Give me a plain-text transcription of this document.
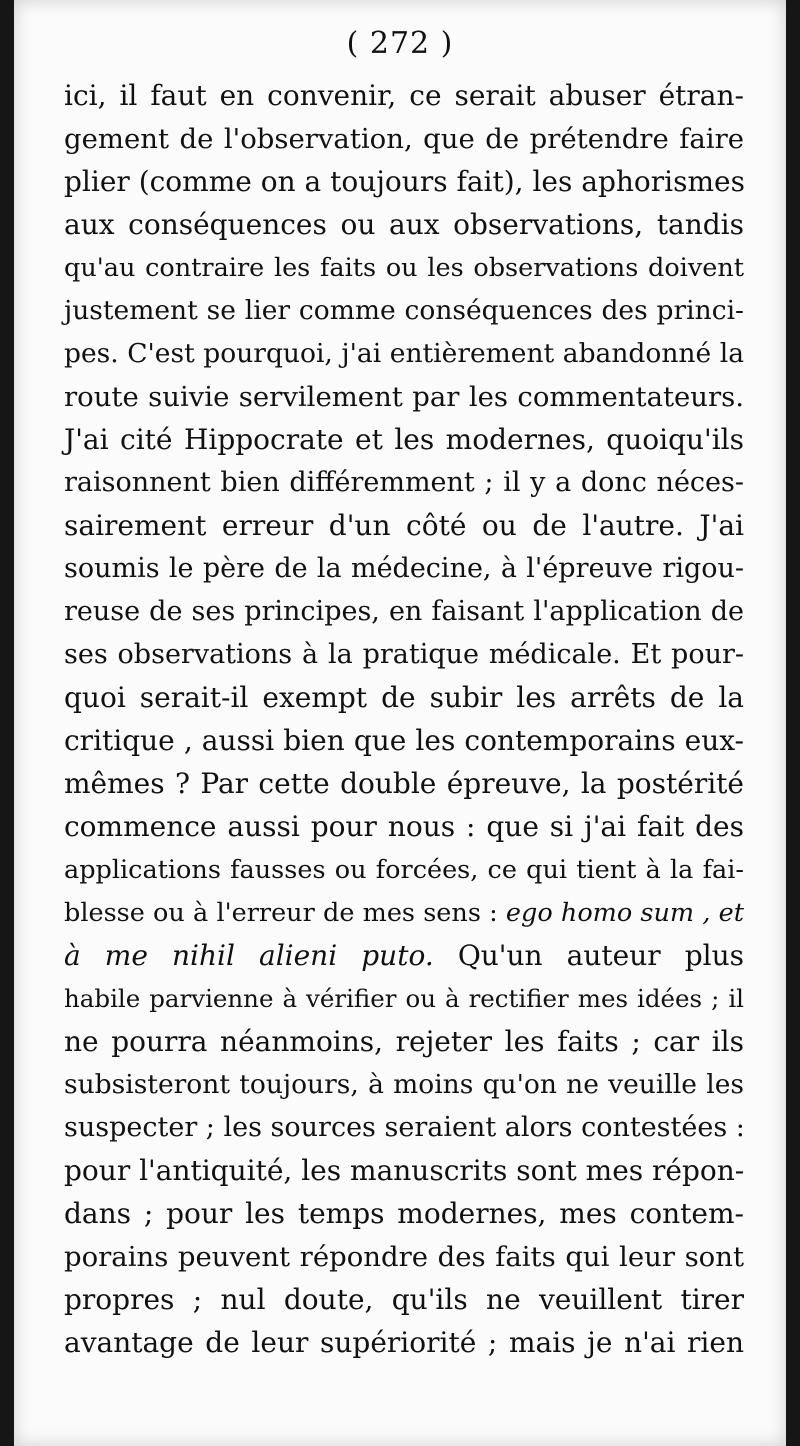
( 272 )
ici, il faut en convenir, ce serait abuser étran-
gement de l'observation, que de prétendre faire
plier (comme on a toujours fait), les aphorismes
aux conséquences ou aux observations, tandis
qu'au contraire les faits ou les observations doivent
justement se lier comme conséquences des princi-
pes. C'est pourquoi, j'ai entièrement abandonné la
route suivie servilement par les commentateurs.
J'ai cité Hippocrate et les modernes, quoiqu'ils
raisonnent bien différemment ; il y a donc néces-
sairement erreur d'un côté ou de l'autre. J'ai
soumis le père de la médecine, à l'épreuve rigou-
reuse de ses principes, en faisant l'application de
ses observations à la pratique médicale. Et pour-
quoi serait-il exempt de subir les arrêts de la
critique , aussi bien que les contemporains eux-
mêmes ? Par cette double épreuve, la postérité
commence aussi pour nous : que si j'ai fait des
applications fausses ou forcées, ce qui tient à la fai-
blesse ou à l'erreur de mes sens : ego homo sum , et
à me nihil alieni puto. Qu'un auteur plus
habile parvienne à vérifier ou à rectifier mes idées ; il
ne pourra néanmoins, rejeter les faits ; car ils
subsisteront toujours, à moins qu'on ne veuille les
suspecter ; les sources seraient alors contestées :
pour l'antiquité, les manuscrits sont mes répon-
dans ; pour les temps modernes, mes contem-
porains peuvent répondre des faits qui leur sont
propres ; nul doute, qu'ils ne veuillent tirer
avantage de leur supériorité ; mais je n'ai rien
